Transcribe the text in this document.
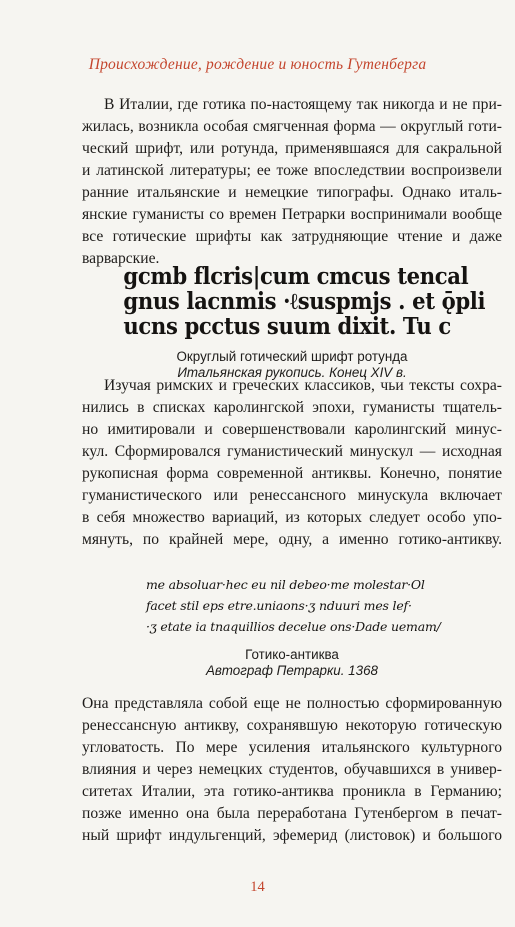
Происхождение, рождение и юность Гутенберга

В Италии, где готика по-настоящему так никогда и не при-
жилась, возникла особая смягченная форма — округлый готи-
ческий шрифт, или ротунда, применявшаяся для сакральной
и латинской литературы; ее тоже впоследствии воспроизвели
ранние итальянские и немецкие типографы. Однако италь-
янские гуманисты со времен Петрарки воспринимали вообще
все готические шрифты как затрудняющие чтение и даже
варварские.

gcmb flcris|cum cmcus tencal
gnus lacnmis ·ℓsuspmjs . et ǭpli
ucns pcctus suum dixit. Tu c
Округлый готический шрифт ротунда
Итальянская рукопись. Конец XIV в.

Изучая римских и греческих классиков, чьи тексты сохра-
нились в списках каролингской эпохи, гуманисты тщатель-
но имитировали и совершенствовали каролингский минус-
кул. Сформировался гуманистический минускул — исходная
рукописная форма современной антиквы. Конечно, понятие
гуманистического или ренессансного минускула включает
в себя множество вариаций, из которых следует особо упо-
мянуть, по крайней мере, одну, а именно готико-антикву.

me absoluar·hec eu nil debeo·me molestar·Ol
facet stil eps etre.uniaons·ʒ nduuri mes lef·
·ʒ etate ia tnaquillios decelue ons·Dade uemam/
Готико-антиква
Автограф Петрарки. 1368

Она представляла собой еще не полностью сформированную
ренессансную антикву, сохранявшую некоторую готическую
угловатость. По мере усиления итальянского культурного
влияния и через немецких студентов, обучавшихся в универ-
ситетах Италии, эта готико-антиква проникла в Германию;
позже именно она была переработана Гутенбергом в печат-
ный шрифт индульгенций, эфемерид (листовок) и большого

14
